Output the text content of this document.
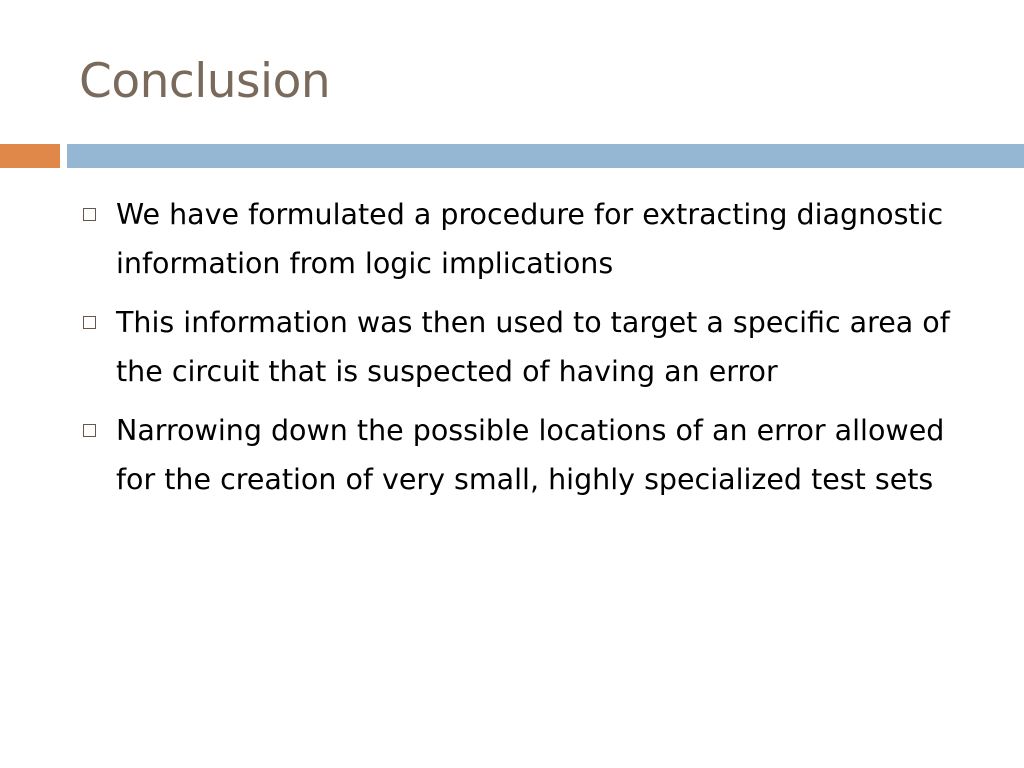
Conclusion
We have formulated a procedure for extracting diagnostic information from logic implications
This information was then used to target a specific area of the circuit that is suspected of having an error
Narrowing down the possible locations of an error allowed for the creation of very small, highly specialized test sets
